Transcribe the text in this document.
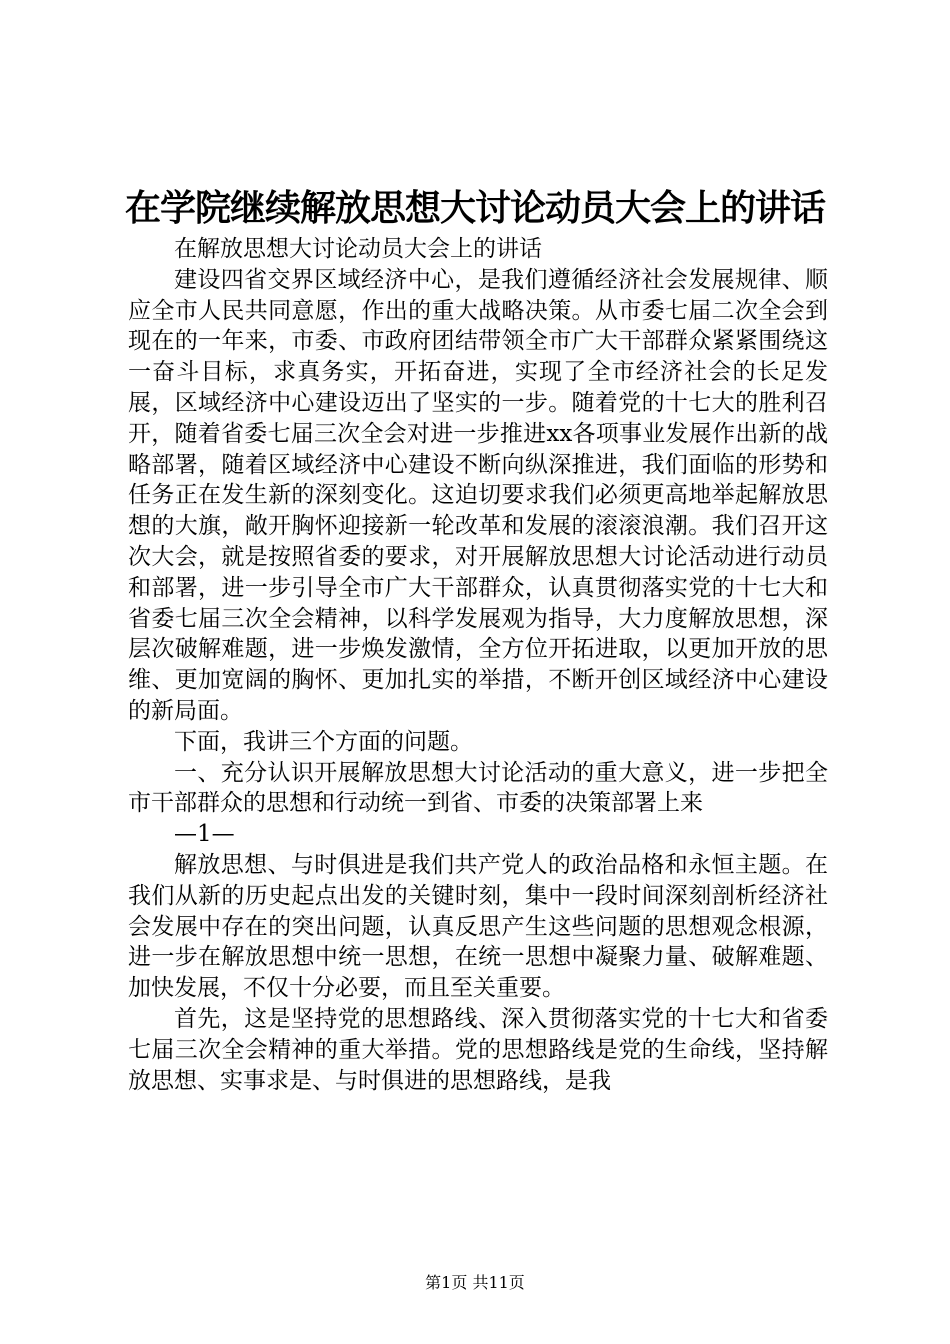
在学院继续解放思想大讨论动员大会上的讲话

在解放思想大讨论动员大会上的讲话

建设四省交界区域经济中心，是我们遵循经济社会发展规律、顺应全市人民共同意愿，作出的重大战略决策。从市委七届二次全会到现在的一年来，市委、市政府团结带领全市广大干部群众紧紧围绕这一奋斗目标，求真务实，开拓奋进，实现了全市经济社会的长足发展，区域经济中心建设迈出了坚实的一步。随着党的十七大的胜利召开，随着省委七届三次全会对进一步推进xx各项事业发展作出新的战略部署，随着区域经济中心建设不断向纵深推进，我们面临的形势和任务正在发生新的深刻变化。这迫切要求我们必须更高地举起解放思想的大旗，敞开胸怀迎接新一轮改革和发展的滚滚浪潮。我们召开这次大会，就是按照省委的要求，对开展解放思想大讨论活动进行动员和部署，进一步引导全市广大干部群众，认真贯彻落实党的十七大和省委七届三次全会精神，以科学发展观为指导，大力度解放思想，深层次破解难题，进一步焕发激情，全方位开拓进取，以更加开放的思维、更加宽阔的胸怀、更加扎实的举措，不断开创区域经济中心建设的新局面。

下面，我讲三个方面的问题。

一、充分认识开展解放思想大讨论活动的重大意义，进一步把全市干部群众的思想和行动统一到省、市委的决策部署上来

—1—

解放思想、与时俱进是我们共产党人的政治品格和永恒主题。在我们从新的历史起点出发的关键时刻，集中一段时间深刻剖析经济社会发展中存在的突出问题，认真反思产生这些问题的思想观念根源，进一步在解放思想中统一思想，在统一思想中凝聚力量、破解难题、加快发展，不仅十分必要，而且至关重要。

首先，这是坚持党的思想路线、深入贯彻落实党的十七大和省委七届三次全会精神的重大举措。党的思想路线是党的生命线，坚持解放思想、实事求是、与时俱进的思想路线，是我

第1页 共11页
